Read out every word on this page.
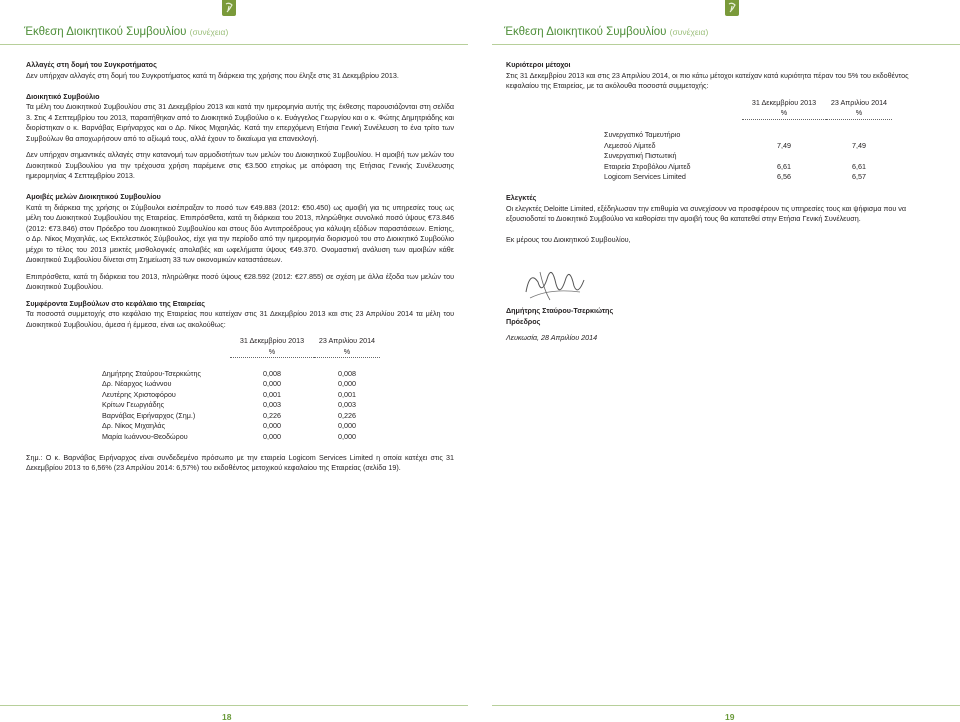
Έκθεση Διοικητικού Συμβουλίου (συνέχεια)

Αλλαγές στη δομή του Συγκροτήματος

Δεν υπήρχαν αλλαγές στη δομή του Συγκροτήματος κατά τη διάρκεια της χρήσης που έληξε στις 31 Δεκεμβρίου 2013.

Διοικητικό Συμβούλιο

Τα μέλη του Διοικητικού Συμβουλίου στις 31 Δεκεμβρίου 2013 και κατά την ημερομηνία αυτής της έκθεσης παρουσιάζονται στη σελίδα 3. Στις 4 Σεπτεμβρίου του 2013, παραιτήθηκαν από το Διοικητικό Συμβούλιο ο κ. Ευάγγελος Γεωργίου και ο κ. Φώτης Δημητριάδης και διορίστηκαν ο κ. Βαρνάβας Ειρήναρχος και ο Δρ. Νίκος Μιχαηλάς. Κατά την επερχόμενη Ετήσια Γενική Συνέλευση το ένα τρίτο των Συμβούλων θα αποχωρήσουν από το αξίωμά τους, αλλά έχουν το δικαίωμα για επανεκλογή.

Δεν υπήρχαν σημαντικές αλλαγές στην κατανομή των αρμοδιοτήτων των μελών του Διοικητικού Συμβουλίου. Η αμοιβή των μελών του Διοικητικού Συμβουλίου για την τρέχουσα χρήση παρέμεινε στις €3.500 ετησίως με απόφαση της Ετήσιας Γενικής Συνέλευσης ημερομηνίας 4 Σεπτεμβρίου 2013.

Αμοιβές μελών Διοικητικού Συμβουλίου

Κατά τη διάρκεια της χρήσης οι Σύμβουλοι εισέπραξαν το ποσό των €49.883 (2012: €50.450) ως αμοιβή για τις υπηρεσίες τους ως μέλη του Διοικητικού Συμβουλίου της Εταιρείας. Επιπρόσθετα, κατά τη διάρκεια του 2013, πληρώθηκε συνολικό ποσό ύψους €73.846 (2012: €73.846) στον Πρόεδρο του Διοικητικού Συμβουλίου και στους δύο Αντιπροέδρους για κάλυψη εξόδων παραστάσεων. Επίσης, ο Δρ. Νίκος Μιχαηλάς, ως Εκτελεστικός Σύμβουλος, είχε για την περίοδο από την ημερομηνία διορισμού του στο Διοικητικό Συμβούλιο μέχρι το τέλος του 2013 μεικτές μισθολογικές απολαβές και ωφελήματα ύψους €49.370. Ονομαστική ανάλυση των αμοιβών κάθε Διοικητικού Συμβουλίου δίνεται στη Σημείωση 33 των οικονομικών καταστάσεων.

Επιπρόσθετα, κατά τη διάρκεια του 2013, πληρώθηκε ποσό ύψους €28.592 (2012: €27.855) σε σχέση με άλλα έξοδα των μελών του Διοικητικού Συμβουλίου.

Συμφέροντα Συμβούλων στο κεφάλαιο της Εταιρείας

Τα ποσοστά συμμετοχής στο κεφάλαιο της Εταιρείας που κατείχαν στις 31 Δεκεμβρίου 2013 και στις 23 Απριλίου 2014 τα μέλη του Διοικητικού Συμβουλίου, άμεσα ή έμμεσα, είναι ως ακολούθως:

	31 Δεκεμβρίου 2013	23 Απριλίου 2014
	%	%

Δημήτρης Σταύρου-Τσερκιώτης	0,008	0,008
Δρ. Νέαρχος Ιωάννου	0,000	0,000
Λευτέρης Χριστοφόρου	0,001	0,001
Κρίτων Γεωργιάδης	0,003	0,003
Βαρνάβας Ειρήναρχος (Σημ.)	0,226	0,226
Δρ. Νίκος Μιχαηλάς	0,000	0,000
Μαρία Ιωάννου-Θεοδώρου	0,000	0,000

Σημ.: Ο κ. Βαρνάβας Ειρήναρχος είναι συνδεδεμένο πρόσωπο με την εταιρεία Logicom Services Limited η οποία κατέχει στις 31 Δεκεμβρίου 2013 το 6,56% (23 Απριλίου 2014: 6,57%) του εκδοθέντος μετοχικού κεφαλαίου της Εταιρείας (σελίδα 19).

18
Έκθεση Διοικητικού Συμβουλίου (συνέχεια)

Κυριότεροι μέτοχοι

Στις 31 Δεκεμβρίου 2013 και στις 23 Απριλίου 2014, οι πιο κάτω μέτοχοι κατείχαν κατά κυριότητα πέραν του 5% του εκδοθέντος κεφαλαίου της Εταιρείας, με τα ακόλουθα ποσοστά συμμετοχής:

	31 Δεκεμβρίου 2013	23 Απριλίου 2014
	%	%

Συνεργατικό Ταμευτήριο		
Λεμεσού Λίμιτεδ	7,49	7,49
Συνεργατική Πιστωτική		
Εταιρεία Στροβόλου Λίμιτεδ	6,61	6,61
Logicom Services Limited	6,56	6,57

Ελεγκτές

Οι ελεγκτές Deloitte Limited, εξέδηλωσαν την επιθυμία να συνεχίσουν να προσφέρουν τις υπηρεσίες τους και ψήφισμα που να εξουσιοδοτεί το Διοικητικό Συμβούλιο να καθορίσει την αμοιβή τους θα κατατεθεί στην Ετήσια Γενική Συνέλευση.

Εκ μέρους του Διοικητικού Συμβουλίου,

Δημήτρης Σταύρου-Τσερκιώτης

Πρόεδρος

Λευκωσία, 28 Απριλίου 2014

19
